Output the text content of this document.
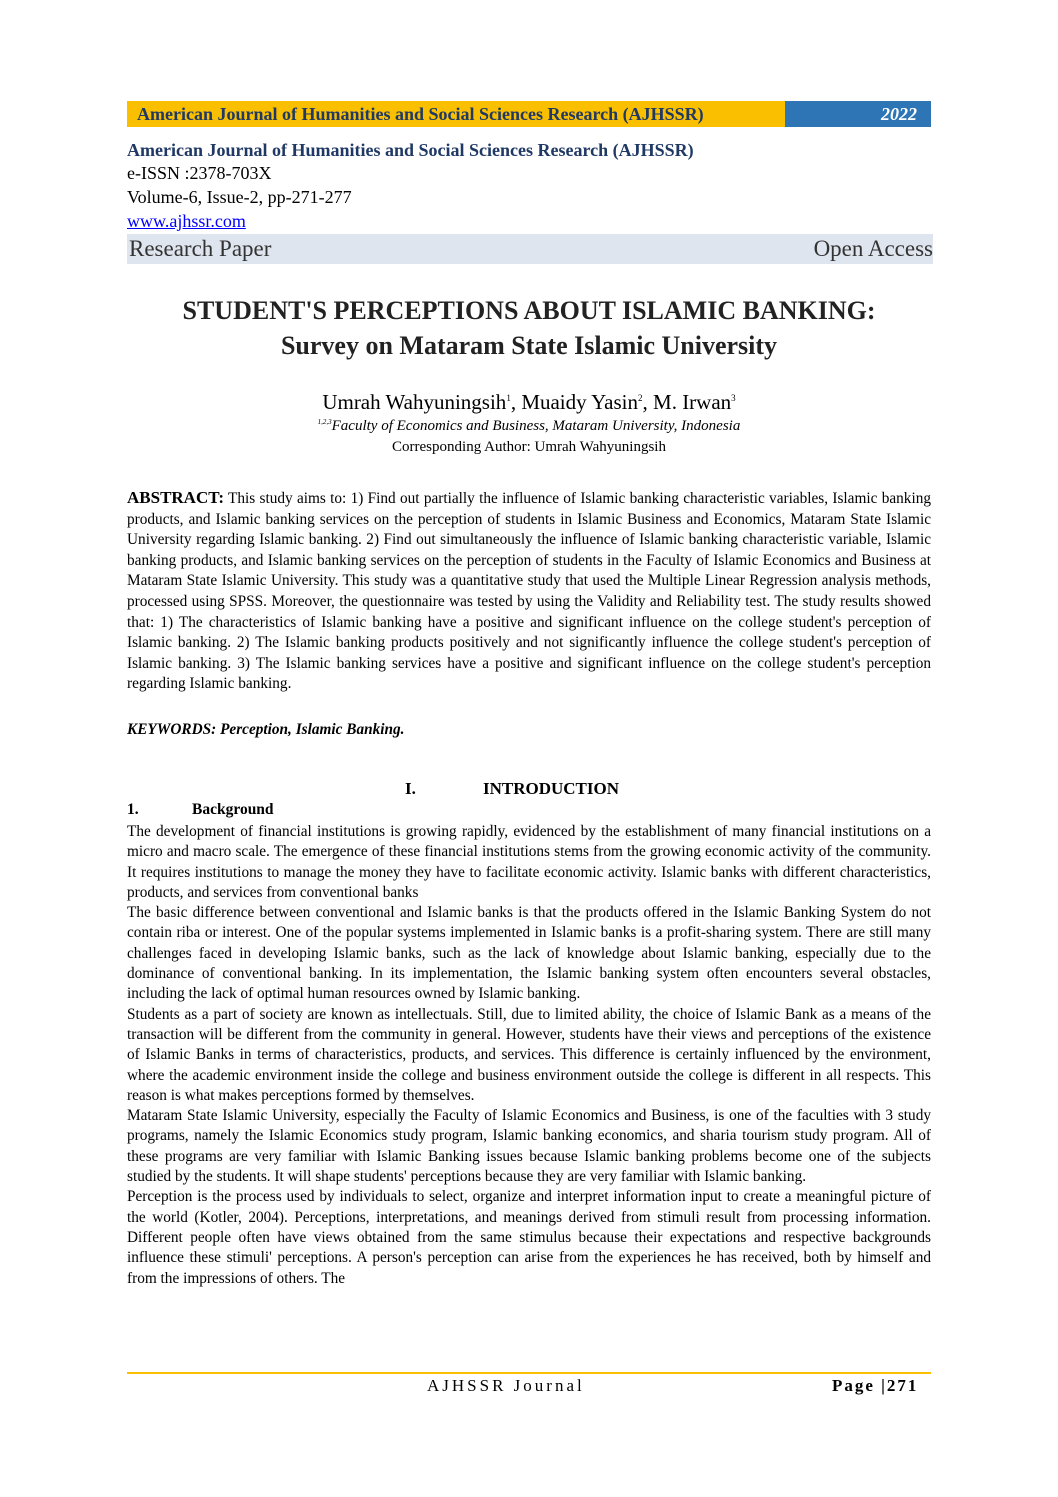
American Journal of Humanities and Social Sciences Research (AJHSSR)	2022
American Journal of Humanities and Social Sciences Research (AJHSSR)
e-ISSN :2378-703X
Volume-6, Issue-2, pp-271-277
www.ajhssr.com
Research Paper	Open Access
STUDENT'S PERCEPTIONS ABOUT ISLAMIC BANKING:
Survey on Mataram State Islamic University
Umrah Wahyuningsih$^1$, Muaidy Yasin$^2$, M. Irwan$^3$
$^{1,2,3}$Faculty of Economics and Business, Mataram University, Indonesia
Corresponding Author: Umrah Wahyuningsih
ABSTRACT: This study aims to: 1) Find out partially the influence of Islamic banking characteristic variables, Islamic banking products, and Islamic banking services on the perception of students in Islamic Business and Economics, Mataram State Islamic University regarding Islamic banking. 2) Find out simultaneously the influence of Islamic banking characteristic variable, Islamic banking products, and Islamic banking services on the perception of students in the Faculty of Islamic Economics and Business at Mataram State Islamic University. This study was a quantitative study that used the Multiple Linear Regression analysis methods, processed using SPSS. Moreover, the questionnaire was tested by using the Validity and Reliability test. The study results showed that: 1) The characteristics of Islamic banking have a positive and significant influence on the college student's perception of Islamic banking. 2) The Islamic banking products positively and not significantly influence the college student's perception of Islamic banking. 3) The Islamic banking services have a positive and significant influence on the college student's perception regarding Islamic banking.
KEYWORDS: Perception, Islamic Banking.
I.	INTRODUCTION
1.	Background

The development of financial institutions is growing rapidly, evidenced by the establishment of many financial institutions on a micro and macro scale. The emergence of these financial institutions stems from the growing economic activity of the community. It requires institutions to manage the money they have to facilitate economic activity. Islamic banks with different characteristics, products, and services from conventional banks

The basic difference between conventional and Islamic banks is that the products offered in the Islamic Banking System do not contain riba or interest. One of the popular systems implemented in Islamic banks is a profit-sharing system. There are still many challenges faced in developing Islamic banks, such as the lack of knowledge about Islamic banking, especially due to the dominance of conventional banking. In its implementation, the Islamic banking system often encounters several obstacles, including the lack of optimal human resources owned by Islamic banking.

Students as a part of society are known as intellectuals. Still, due to limited ability, the choice of Islamic Bank as a means of the transaction will be different from the community in general. However, students have their views and perceptions of the existence of Islamic Banks in terms of characteristics, products, and services. This difference is certainly influenced by the environment, where the academic environment inside the college and business environment outside the college is different in all respects. This reason is what makes perceptions formed by themselves.

Mataram State Islamic University, especially the Faculty of Islamic Economics and Business, is one of the faculties with 3 study programs, namely the Islamic Economics study program, Islamic banking economics, and sharia tourism study program. All of these programs are very familiar with Islamic Banking issues because Islamic banking problems become one of the subjects studied by the students. It will shape students' perceptions because they are very familiar with Islamic banking.

Perception is the process used by individuals to select, organize and interpret information input to create a meaningful picture of the world (Kotler, 2004). Perceptions, interpretations, and meanings derived from stimuli result from processing information. Different people often have views obtained from the same stimulus because their expectations and respective backgrounds influence these stimuli' perceptions. A person's perception can arise from the experiences he has received, both by himself and from the impressions of others. The

AJHSSR Journal	Page |271
